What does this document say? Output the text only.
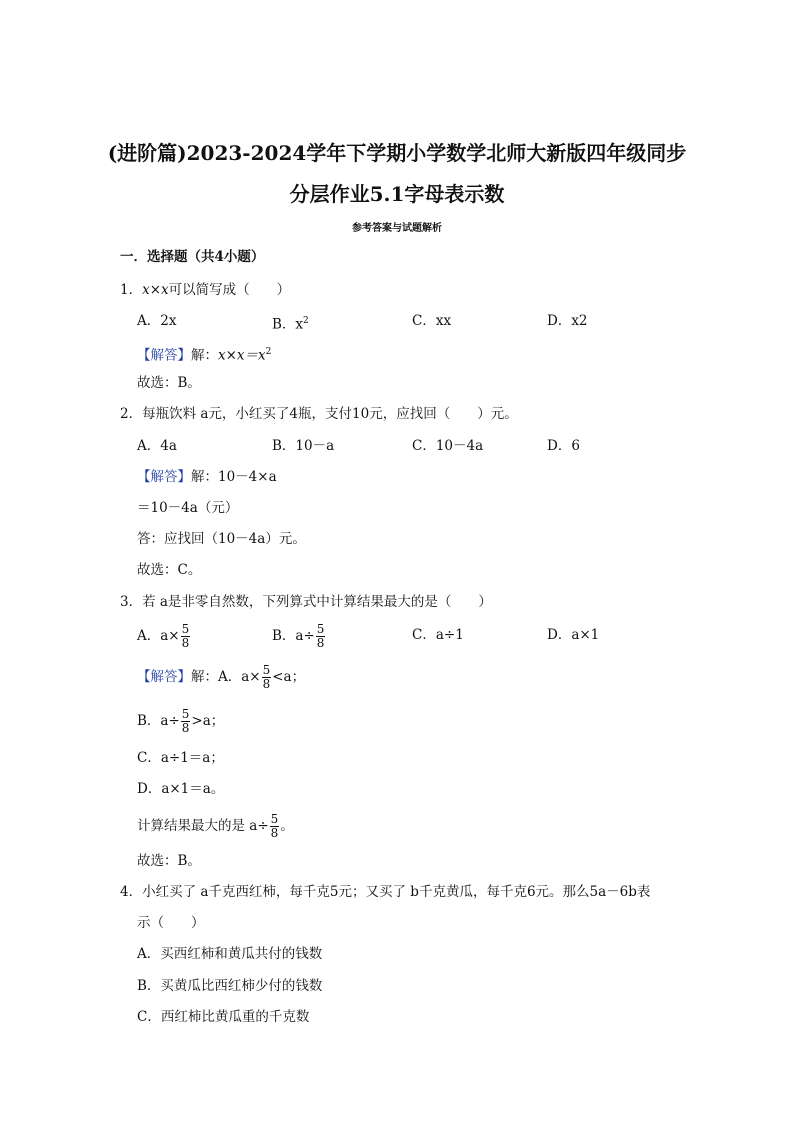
(进阶篇)2023-2024学年下学期小学数学北师大新版四年级同步
分层作业5.1字母表示数
参考答案与试题解析
一．选择题（共4小题）
1．x×x可以简写成（　　）
A．2x	B．$x^2$	C．xx	D．x2
【解答】解：$x\times x=x^2$
故选：B。
2．每瓶饮料 a元，小红买了4瓶，支付10元，应找回（　　）元。
A．4a	B．10－a	C．10－4a	D．6
【解答】解：10－4×a
＝10－4a（元）
答：应找回（10－4a）元。
故选：C。
3．若 a是非零自然数，下列算式中计算结果最大的是（　　）
A．$a\times \frac{5}{8}$	B．$a\div \frac{5}{8}$	C．a÷1	D．a×1
【解答】解：A．$a\times \frac{5}{8} <a$；
B．$a\div \frac{5}{8} >a$；
C．a÷1＝a；
D．a×1＝a。
计算结果最大的是 $a\div \frac{5}{8}$ 。
故选：B。
4．小红买了 a千克西红柿，每千克5元；又买了 b千克黄瓜，每千克6元。那么5a－6b表
示（　　）
A．买西红柿和黄瓜共付的钱数
B．买黄瓜比西红柿少付的钱数
C．西红柿比黄瓜重的千克数
